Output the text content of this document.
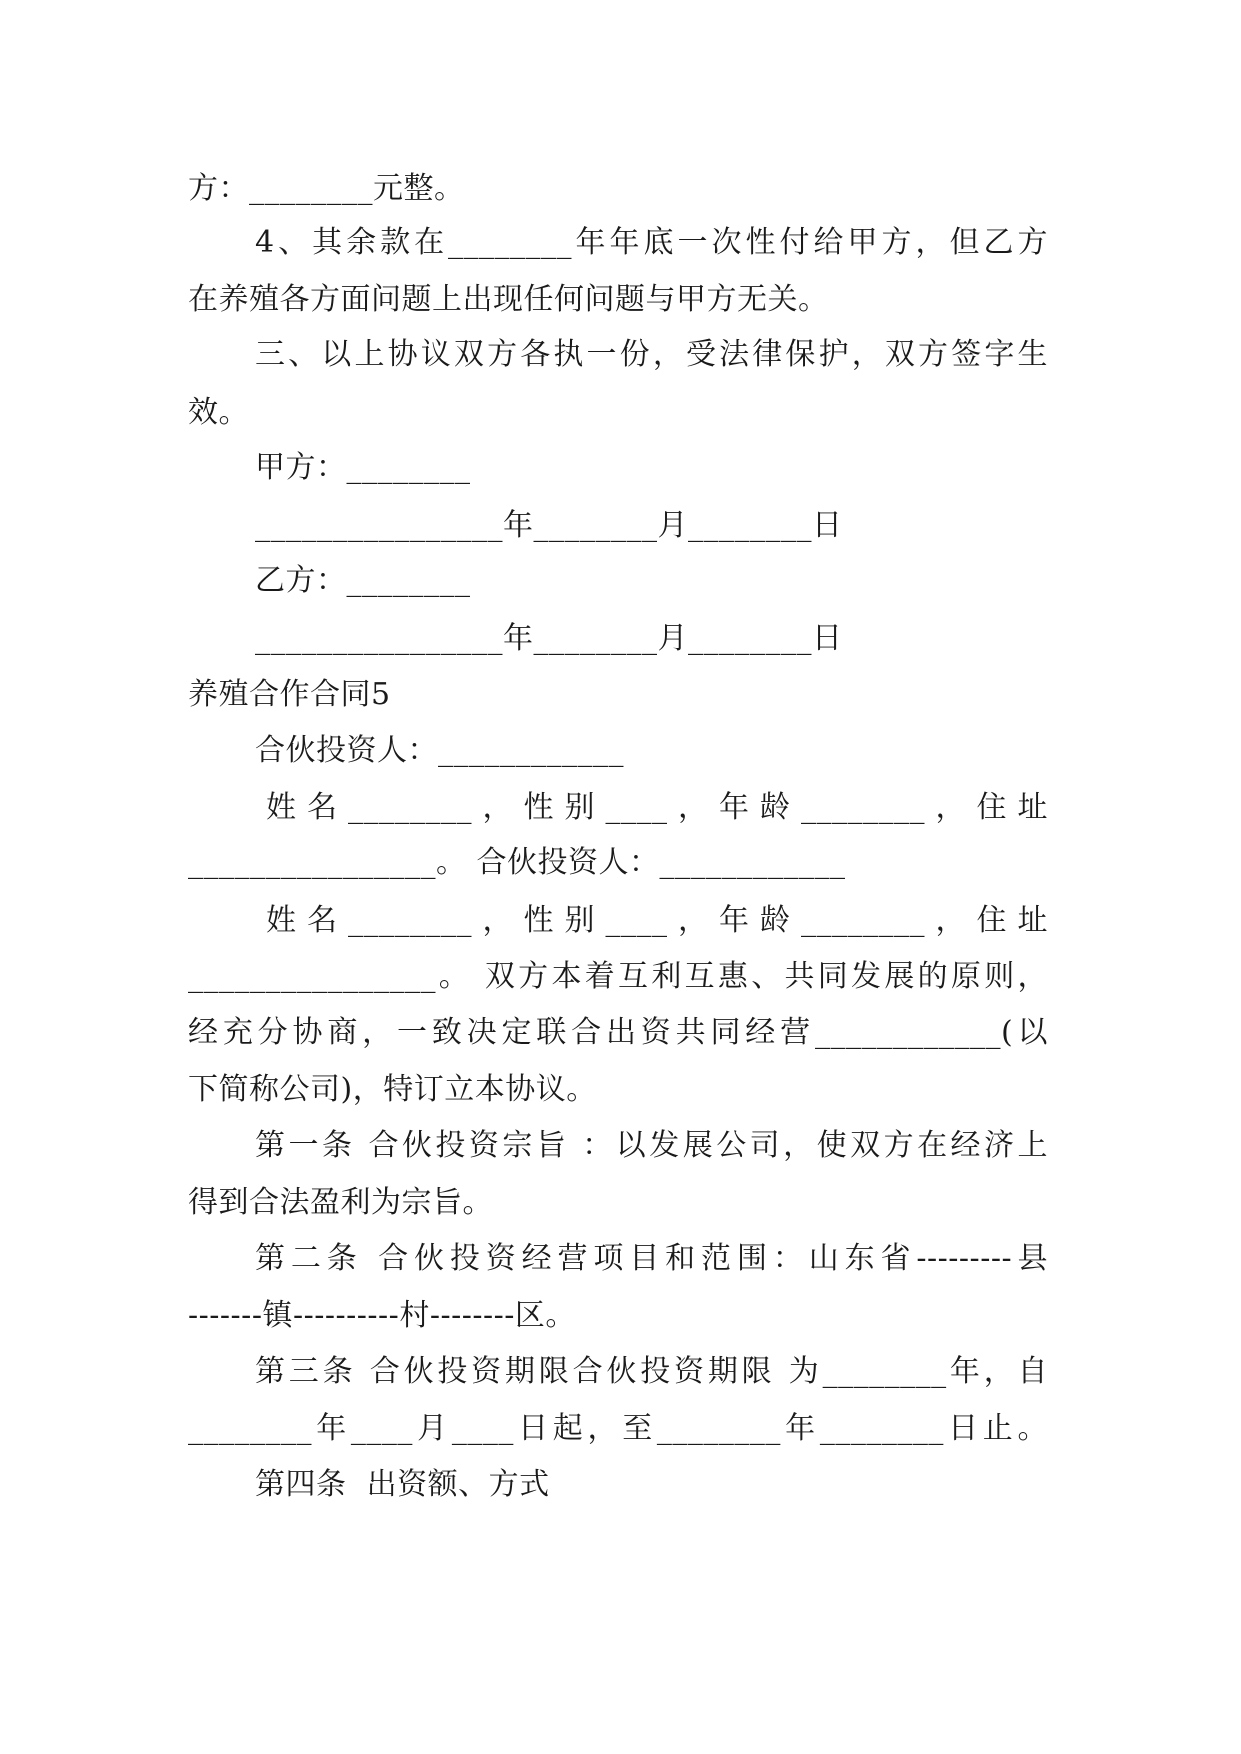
方：________元整。
4、其余款在________年年底一次性付给甲方，但乙方
在养殖各方面问题上出现任何问题与甲方无关。
三、以上协议双方各执一份，受法律保护，双方签字生
效。
甲方：________
________________年________月________日
乙方：________
________________年________月________日
养殖合作合同5
合伙投资人：____________
姓名________，性别____，年龄________，住址
________________。 合伙投资人：____________
姓名________，性别____，年龄________，住址
________________。 双方本着互利互惠、共同发展的原则，
经充分协商，一致决定联合出资共同经营____________(以
下简称公司)，特订立本协议。
第一条 合伙投资宗旨 ：以发展公司，使双方在经济上
得到合法盈利为宗旨。
第二条 合伙投资经营项目和范围：山东省---------县
-------镇----------村--------区。
第三条 合伙投资期限合伙投资期限 为________年，自
________年____月____日起，至________年________日止。
第四条  出资额、方式
